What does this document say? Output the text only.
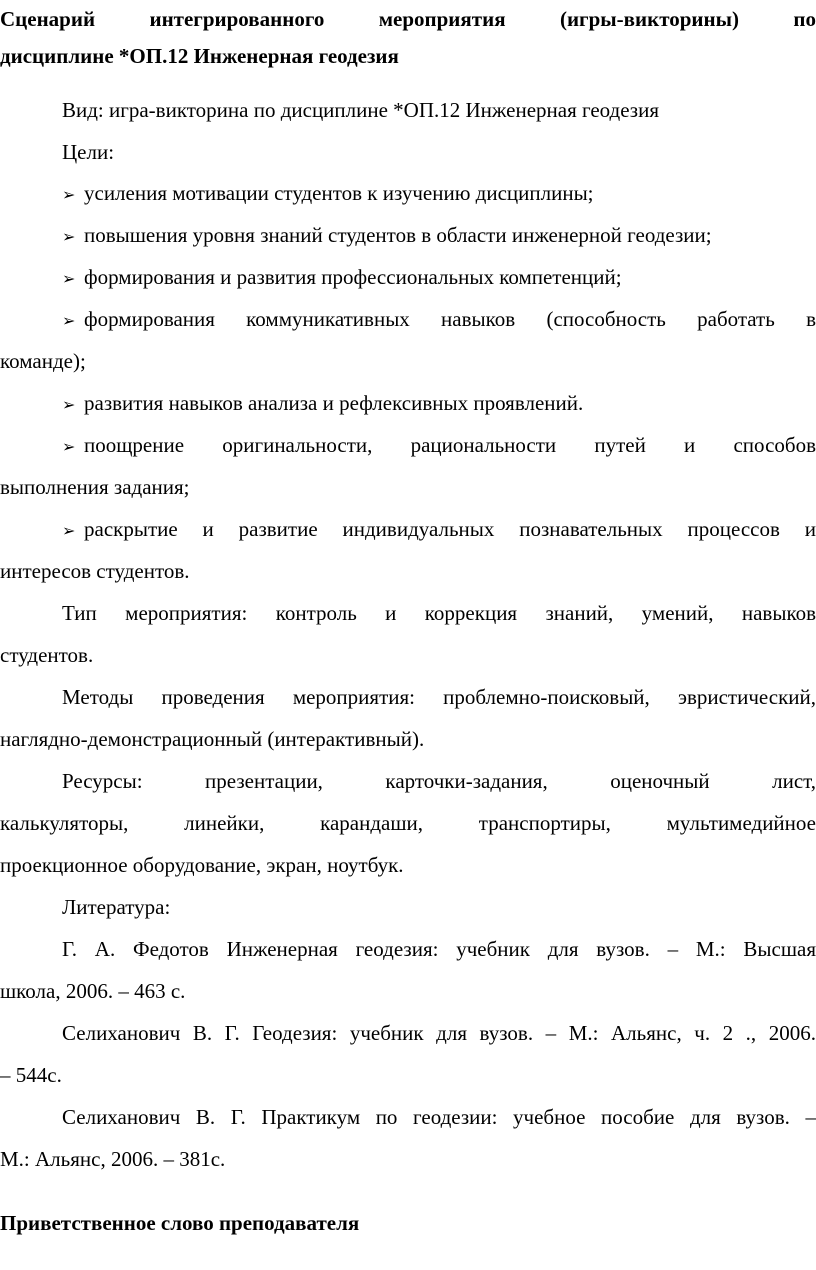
Сценарий интегрированного мероприятия (игры-викторины) по
дисциплине *ОП.12 Инженерная геодезия
Вид: игра-викторина по дисциплине *ОП.12 Инженерная геодезия
Цели:
➢ усиления мотивации студентов к изучению дисциплины;
➢ повышения уровня знаний студентов в области инженерной геодезии;
➢ формирования и развития профессиональных компетенций;
➢ формирования коммуникативных навыков (способность работать в
команде);
➢ развития навыков анализа и рефлексивных проявлений.
➢ поощрение оригинальности, рациональности путей и способов
выполнения задания;
➢ раскрытие и развитие индивидуальных познавательных процессов и
интересов студентов.
Тип мероприятия: контроль и коррекция знаний, умений, навыков
студентов.
Методы проведения мероприятия: проблемно-поисковый, эвристический,
наглядно-демонстрационный (интерактивный).
Ресурсы: презентации, карточки-задания, оценочный лист,
калькуляторы, линейки, карандаши, транспортиры, мультимедийное
проекционное оборудование, экран, ноутбук.
Литература:
Г. А. Федотов Инженерная геодезия: учебник для вузов. – М.: Высшая
школа, 2006. – 463 с.
Селиханович В. Г. Геодезия: учебник для вузов. – М.: Альянс, ч. 2 ., 2006.
– 544с.
Селиханович В. Г. Практикум по геодезии: учебное пособие для вузов. –
М.: Альянс, 2006. – 381с.
Приветственное слово преподавателя
